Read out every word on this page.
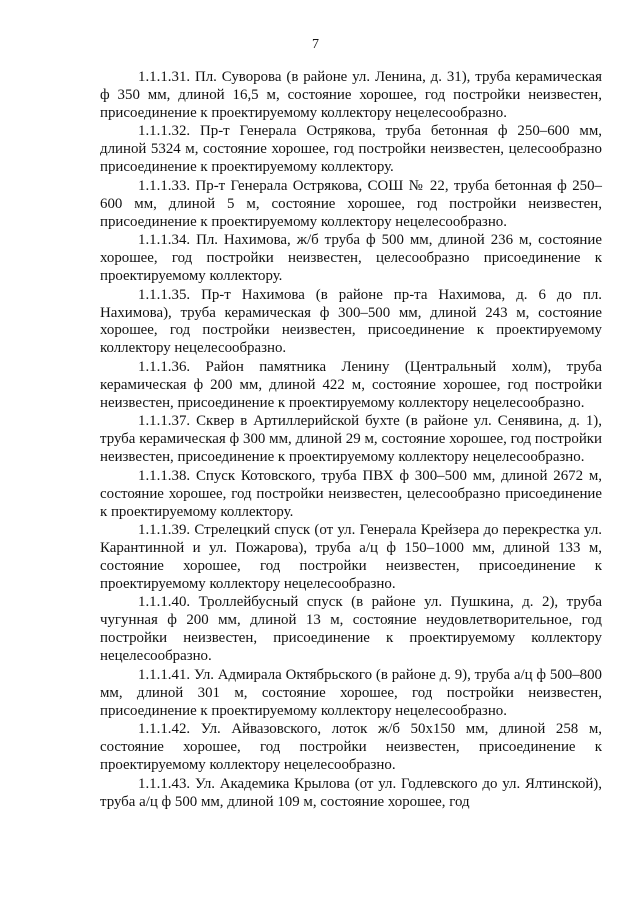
7

1.1.1.31. Пл. Суворова (в районе ул. Ленина, д. 31), труба керамическая ф 350 мм, длиной 16,5 м, состояние хорошее, год постройки неизвестен, присоединение к проектируемому коллектору нецелесообразно.

1.1.1.32. Пр-т Генерала Острякова, труба бетонная ф 250–600 мм, длиной 5324 м, состояние хорошее, год постройки неизвестен, целесообразно присоединение к проектируемому коллектору.

1.1.1.33. Пр-т Генерала Острякова, СОШ № 22, труба бетонная ф 250–600 мм, длиной 5 м, состояние хорошее, год постройки неизвестен, присоединение к проектируемому коллектору нецелесообразно.

1.1.1.34. Пл. Нахимова, ж/б труба ф 500 мм, длиной 236 м, состояние хорошее, год постройки неизвестен, целесообразно присоединение к проектируемому коллектору.

1.1.1.35. Пр-т Нахимова (в районе пр-та Нахимова, д. 6 до пл. Нахимова), труба керамическая ф 300–500 мм, длиной 243 м, состояние хорошее, год постройки неизвестен, присоединение к проектируемому коллектору нецелесообразно.

1.1.1.36. Район памятника Ленину (Центральный холм), труба керамическая ф 200 мм, длиной 422 м, состояние хорошее, год постройки неизвестен, присоединение к проектируемому коллектору нецелесообразно.

1.1.1.37. Сквер в Артиллерийской бухте (в районе ул. Сенявина, д. 1), труба керамическая ф 300 мм, длиной 29 м, состояние хорошее, год постройки неизвестен, присоединение к проектируемому коллектору нецелесообразно.

1.1.1.38. Спуск Котовского, труба ПВХ ф 300–500 мм, длиной 2672 м, состояние хорошее, год постройки неизвестен, целесообразно присоединение к проектируемому коллектору.

1.1.1.39. Стрелецкий спуск (от ул. Генерала Крейзера до перекрестка ул. Карантинной и ул. Пожарова), труба а/ц ф 150–1000 мм, длиной 133 м, состояние хорошее, год постройки неизвестен, присоединение к проектируемому коллектору нецелесообразно.

1.1.1.40. Троллейбусный спуск (в районе ул. Пушкина, д. 2), труба чугунная ф 200 мм, длиной 13 м, состояние неудовлетворительное, год постройки неизвестен, присоединение к проектируемому коллектору нецелесообразно.

1.1.1.41. Ул. Адмирала Октябрьского (в районе д. 9), труба а/ц ф 500–800 мм, длиной 301 м, состояние хорошее, год постройки неизвестен, присоединение к проектируемому коллектору нецелесообразно.

1.1.1.42. Ул. Айвазовского, лоток ж/б 50x150 мм, длиной 258 м, состояние хорошее, год постройки неизвестен, присоединение к проектируемому коллектору нецелесообразно.

1.1.1.43. Ул. Академика Крылова (от ул. Годлевского до ул. Ялтинской), труба а/ц ф 500 мм, длиной 109 м, состояние хорошее, год
